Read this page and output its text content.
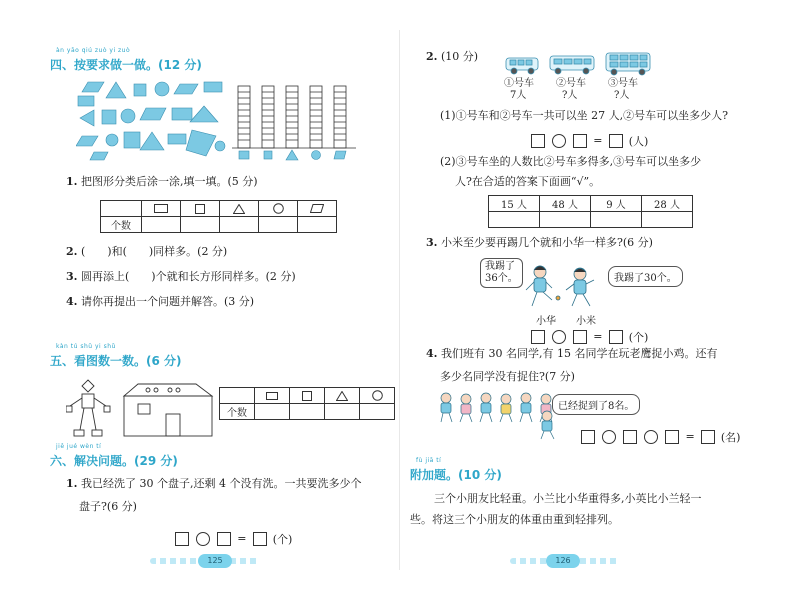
àn yāo qiú zuò yi zuò
四、按要求做一做。(12 分)
1. 把图形分类后涂一涂,填一填。(5 分)

个数					
2. (　　)和(　　)同样多。(2 分)
3. 圆再添上(　　)个就和长方形同样多。(2 分)
4. 请你再提出一个问题并解答。(3 分)
kàn tú shǔ yi shǔ
五、看图数一数。(6 分)

个数				
jiě jué wèn tí
六、解决问题。(29 分)
1. 我已经洗了 30 个盘子,还剩 4 个没有洗。一共要洗多少个
盘子?(6 分)
= (个)
125
2. (10 分)
①号车
7人
②号车
?人
③号车
?人
(1)①号车和②号车一共可以坐 27 人,②号车可以坐多少人?
= (人)
(2)③号车坐的人数比②号车多得多,③号车可以坐多少
人?在合适的答案下面画“√”。
15 人	48 人	9 人	28 人

3. 小米至少要再踢几个就和小华一样多?(6 分)
我踢了
36个。	我踢了30个。
小华 小米
= (个)
4. 我们班有 30 名同学,有 15 名同学在玩老鹰捉小鸡。还有
多少名同学没有捉住?(7 分)
已经捉到了8名。
= (名)
fù jiā tí
附加题。(10 分)
三个小朋友比轻重。小兰比小华重得多,小英比小兰轻一
些。将这三个小朋友的体重由重到轻排列。
126
